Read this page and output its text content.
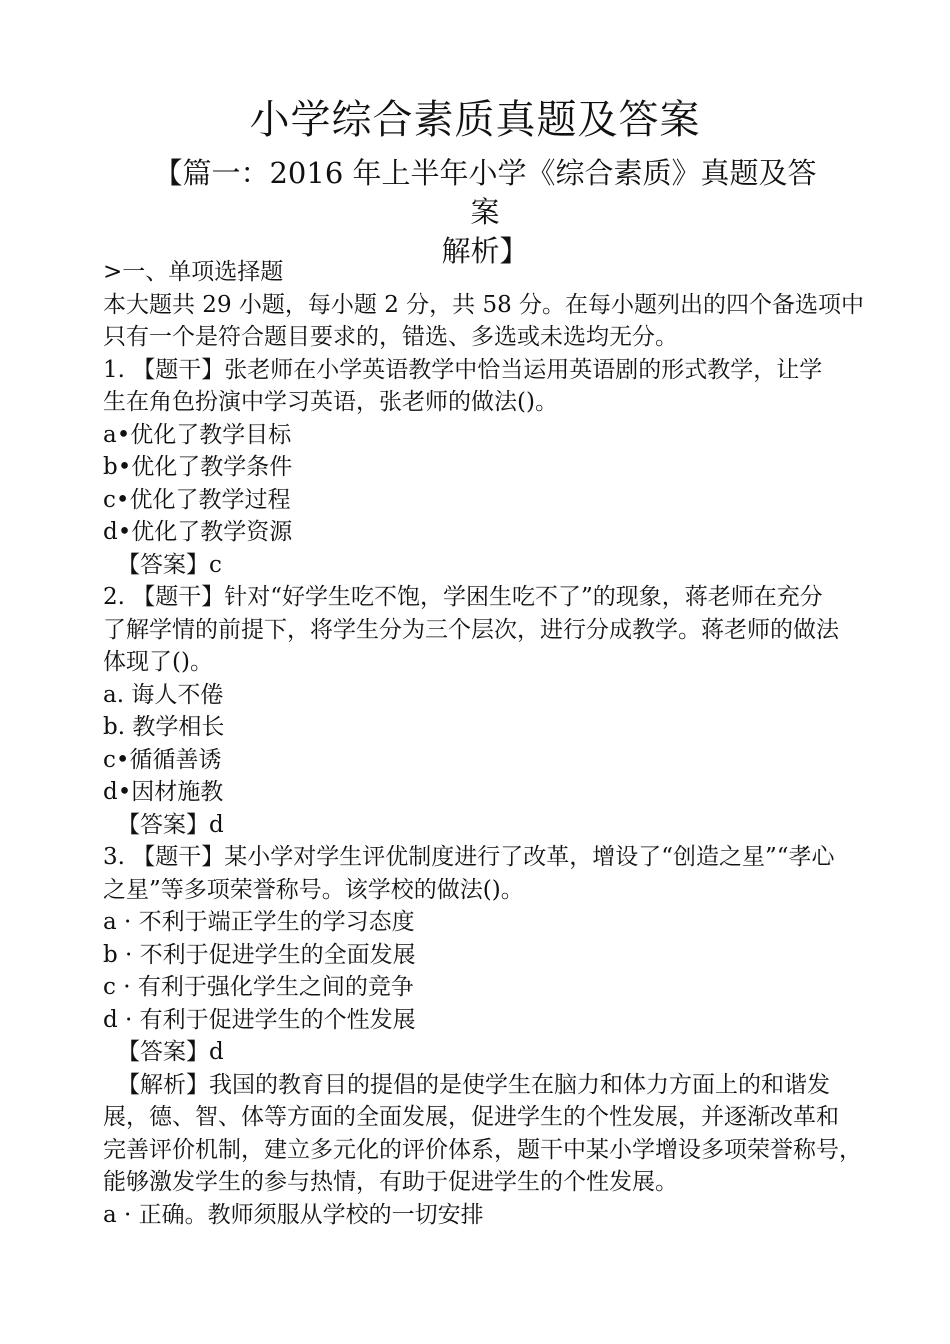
小学综合素质真题及答案
【篇一：2016 年上半年小学《综合素质》真题及答案
解析】
>一、单项选择题
本大题共 29 小题，每小题 2 分，共 58 分。在每小题列出的四个备选项中
只有一个是符合题目要求的，错选、多选或未选均无分。
1. 【题干】张老师在小学英语教学中恰当运用英语剧的形式教学，让学
生在角色扮演中学习英语，张老师的做法()。
a•优化了教学目标
b•优化了教学条件
c•优化了教学过程
d•优化了教学资源
【答案】c
2. 【题干】针对“好学生吃不饱，学困生吃不了”的现象，蒋老师在充分
了解学情的前提下，将学生分为三个层次，进行分成教学。蒋老师的做法
体现了()。
a. 诲人不倦
b. 教学相长
c•循循善诱
d•因材施教
【答案】d
3. 【题干】某小学对学生评优制度进行了改革，增设了“创造之星”“孝心
之星”等多项荣誉称号。该学校的做法()。
a · 不利于端正学生的学习态度
b · 不利于促进学生的全面发展
c · 有利于强化学生之间的竞争
d · 有利于促进学生的个性发展
【答案】d
【解析】我国的教育目的提倡的是使学生在脑力和体力方面上的和谐发
展，德、智、体等方面的全面发展，促进学生的个性发展，并逐渐改革和
完善评价机制，建立多元化的评价体系，题干中某小学增设多项荣誉称号，
能够激发学生的参与热情，有助于促进学生的个性发展。
a · 正确。教师须服从学校的一切安排
